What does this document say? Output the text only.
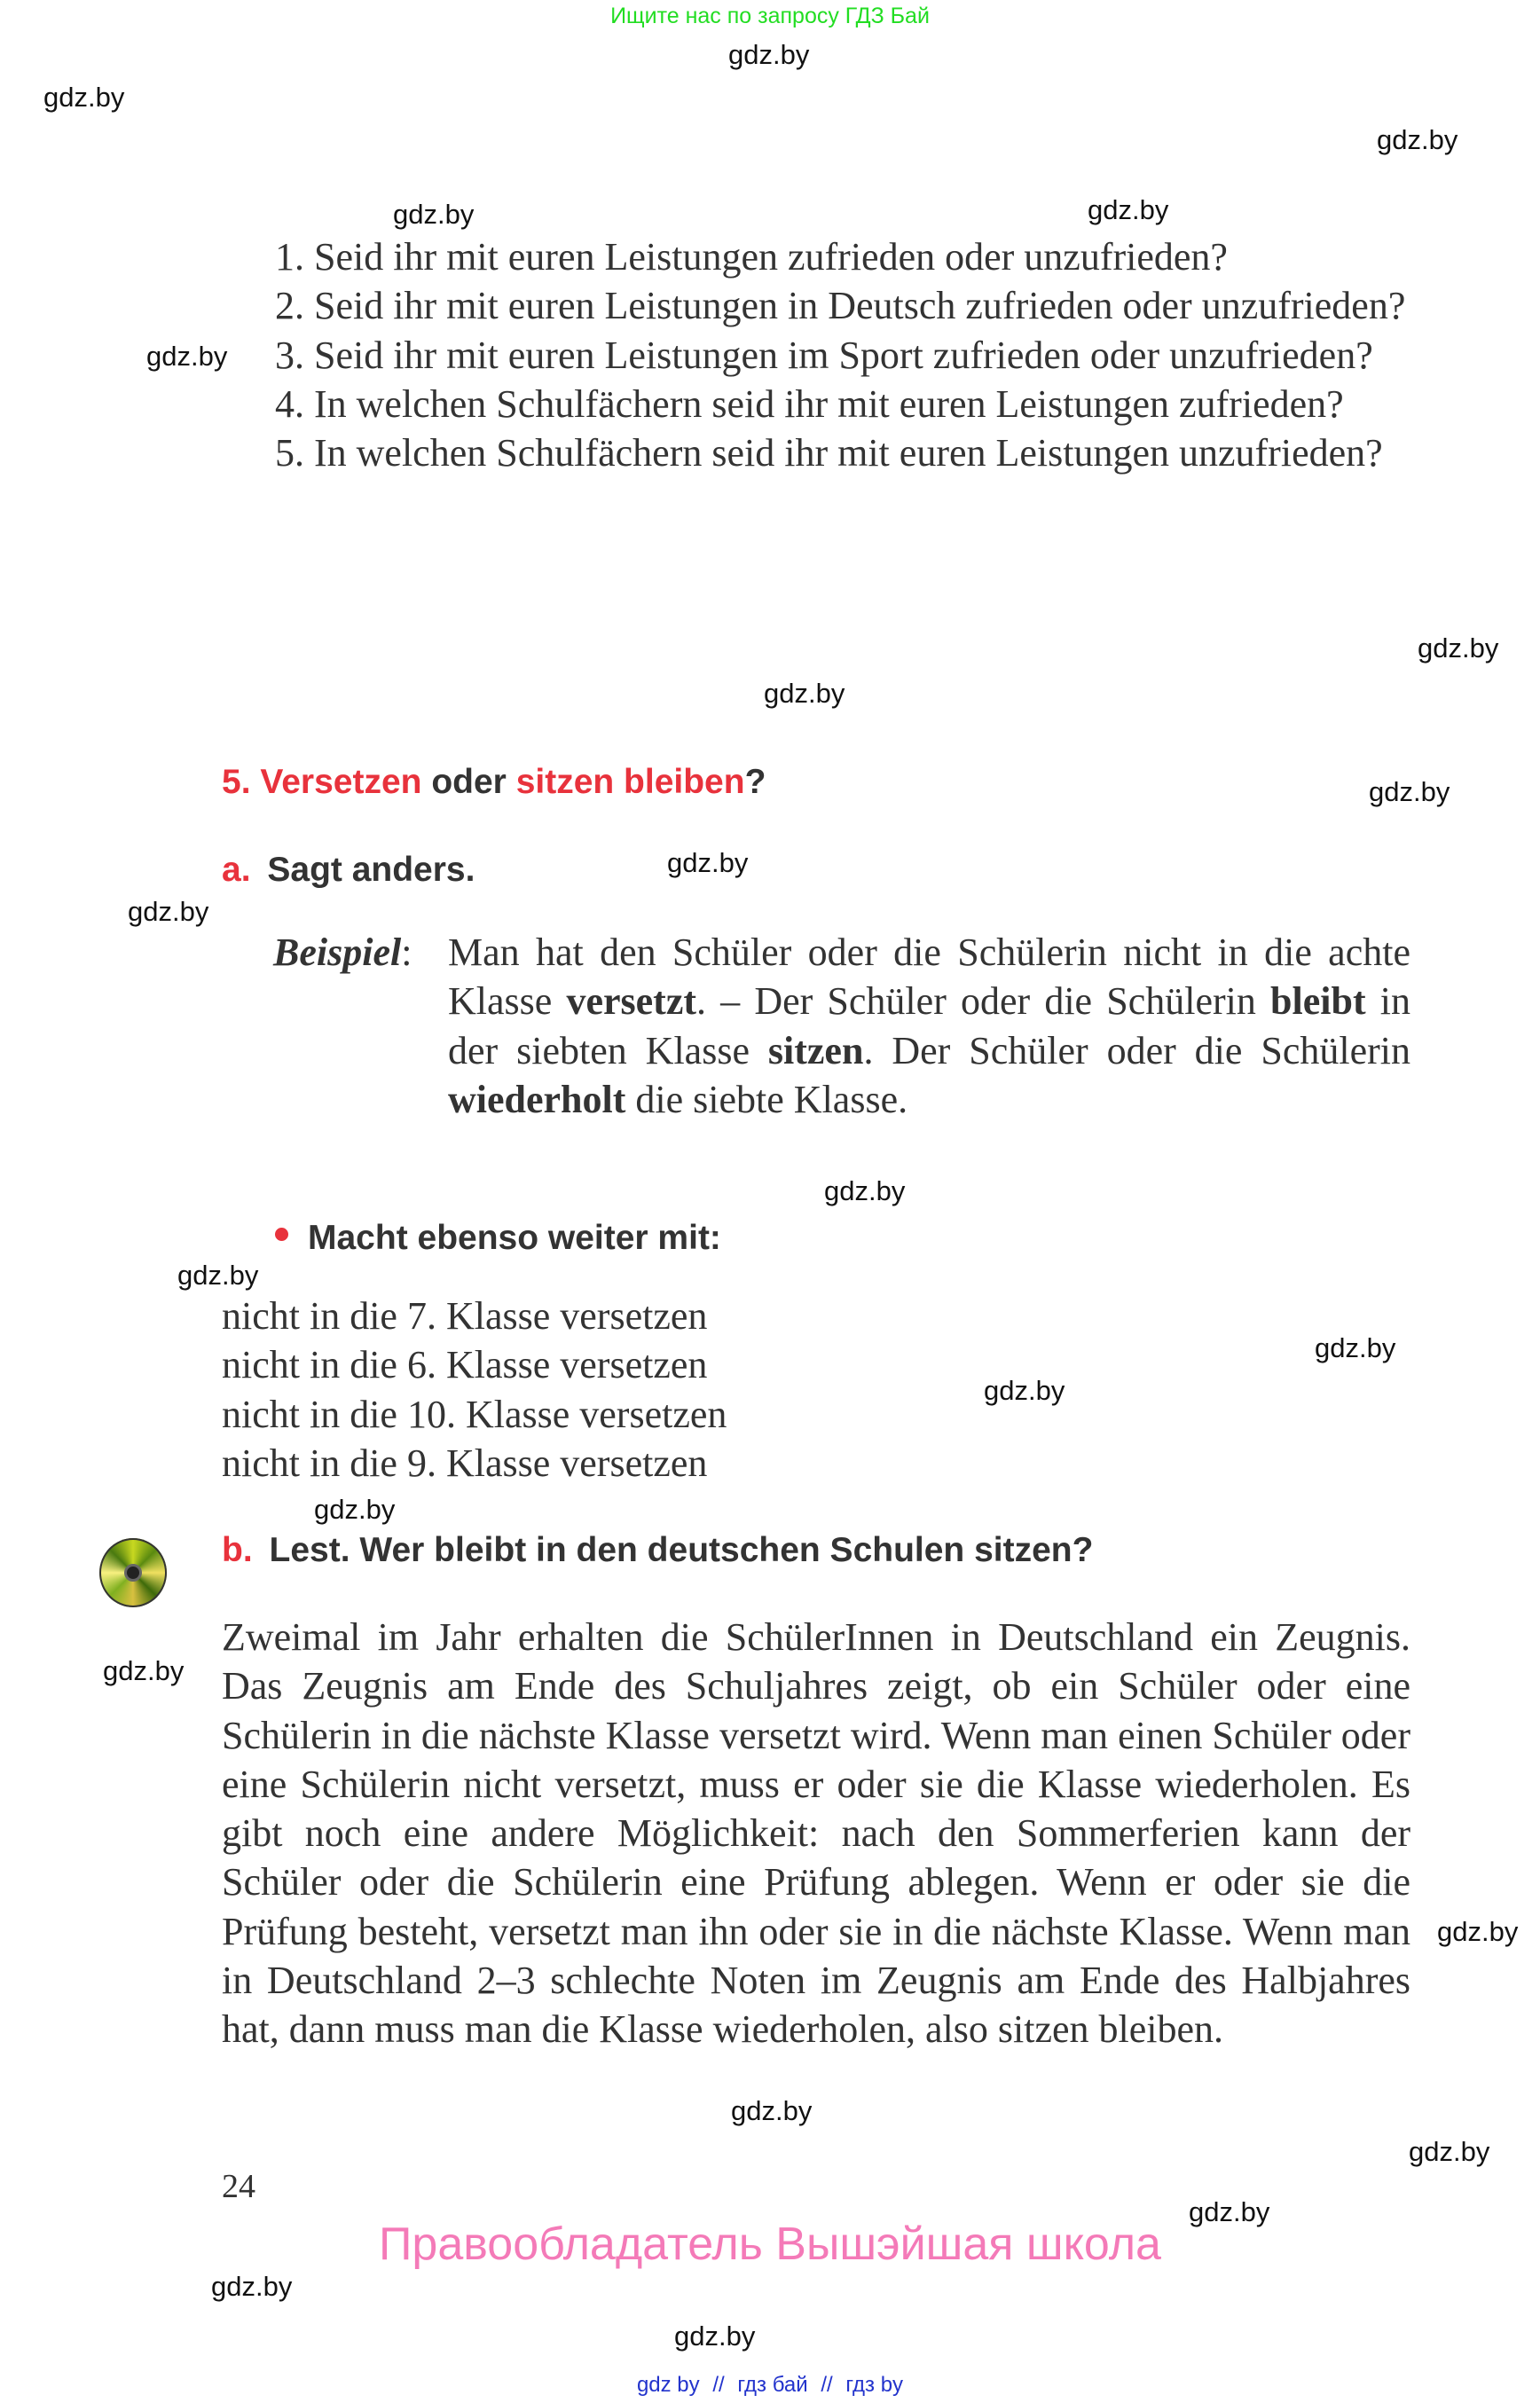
Ищите нас по запросу ГДЗ Бай
1. Seid ihr mit euren Leistungen zufrieden oder unzufrieden?
2. Seid ihr mit euren Leistungen in Deutsch zufrieden oder unzufrieden?
3. Seid ihr mit euren Leistungen im Sport zufrieden oder unzufrieden?
4. In welchen Schulfächern seid ihr mit euren Leistungen zufrieden?
5. In welchen Schulfächern seid ihr mit euren Leistungen unzufrieden?
5. Versetzen oder sitzen bleiben?
a. Sagt anders.
Beispiel: Man hat den Schüler oder die Schülerin nicht in die achte Klasse versetzt. – Der Schüler oder die Schülerin bleibt in der siebten Klasse sitzen. Der Schüler oder die Schülerin wiederholt die siebte Klasse.
Macht ebenso weiter mit:
nicht in die 7. Klasse versetzen
nicht in die 6. Klasse versetzen
nicht in die 10. Klasse versetzen
nicht in die 9. Klasse versetzen
b. Lest. Wer bleibt in den deutschen Schulen sitzen?
Zweimal im Jahr erhalten die SchülerInnen in Deutschland ein Zeugnis. Das Zeugnis am Ende des Schuljahres zeigt, ob ein Schüler oder eine Schülerin in die nächste Klasse versetzt wird. Wenn man einen Schüler oder eine Schülerin nicht versetzt, muss er oder sie die Klasse wiederholen. Es gibt noch eine andere Möglichkeit: nach den Sommerferien kann der Schüler oder die Schülerin eine Prüfung ablegen. Wenn er oder sie die Prüfung besteht, versetzt man ihn oder sie in die nächste Klasse. Wenn man in Deutschland 2–3 schlechte Noten im Zeugnis am Ende des Halbjahres hat, dann muss man die Klasse wiederholen, also sitzen bleiben.
24
Правообладатель Вышэйшая школа
gdz by // гдз бай // гдз by
gdz.by
gdz.by
gdz.by
gdz.by
gdz.by
gdz.by
gdz.by
gdz.by
gdz.by
gdz.by
gdz.by
gdz.by
gdz.by
gdz.by
gdz.by
gdz.by
gdz.by
gdz.by
gdz.by
gdz.by
gdz.by
gdz.by
gdz.by
